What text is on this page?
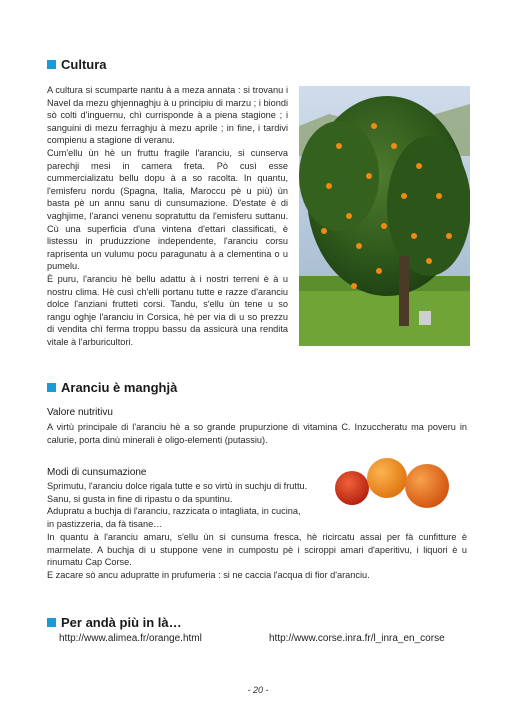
Cultura

A cultura si scumparte nantu à a meza annata : si trovanu i Navel da mezu ghjennaghju à u principiu di marzu ; i biondi sò colti d'inguernu, chì currisponde à a piena stagione ; i sanguini di mezu ferraghju à mezu aprile ; in fine, i tardivi compienu a stagione di veranu.

Cum'ellu ùn hè un fruttu fragile l'aranciu, si cunserva parechji mesi in camera freta. Pò cusì esse cummercializatu bellu dopu à a so racolta. In quantu, l'emisferu nordu (Spagna, Italia, Maroccu pè u più) ùn basta pè un annu sanu di cunsumazione. D'estate è di vaghjime, l'aranci venenu sopratuttu da l'emisferu suttanu. Cù una superficia d'una vintena d'ettari classificati, è listessu in pruduzzione independente, l'aranciu corsu raprisenta un vulumu pocu paragunatu à a clementina o u pumelu.

È puru, l'aranciu hè bellu adattu à i nostri terreni è à u nostru clima. Hè cusì ch'elli portanu tutte e razze d'aranciu dolce l'anziani frutteti corsi. Tandu, s'ellu ùn tene u so rangu oghje l'aranciu in Corsica, hè per via di u so prezzu di vendita chì ferma troppu bassu da assicurà una rendita vitale à l'arburicultori.

Aranciu è manghjà
Valore nutritivu
A virtù principale di l'aranciu hè a so grande prupurzione di vitamina C. Inzuccheratu ma poveru in calurie, porta dinù minerali è oligo-elementi (putassiu).
Modi di cunsumazione

Sprimutu, l'aranciu dolce rigala tutte e so virtù in suchju di fruttu.

Sanu, si gusta in fine di ripastu o da spuntinu.

Adupratu a buchja di l'aranciu, razzicata o intagliata, in cucina,

in pastizzeria, da fà tisane…

In quantu à l'aranciu amaru, s'ellu ùn si cunsuma fresca, hè ricircatu assai per fà cunfitture è marmelate. A buchja di u stuppone vene in cumpostu pè i sciroppi amari d'aperitivu, i liquori è u rinumatu Cap Corse.

E zacare sò ancu adupratte in prufumeria : si ne caccia l'acqua di fior d'aranciu.

Per andà più in là…
http://www.alimea.fr/orange.html	http://www.corse.inra.fr/l_inra_en_corse
- 20 -
